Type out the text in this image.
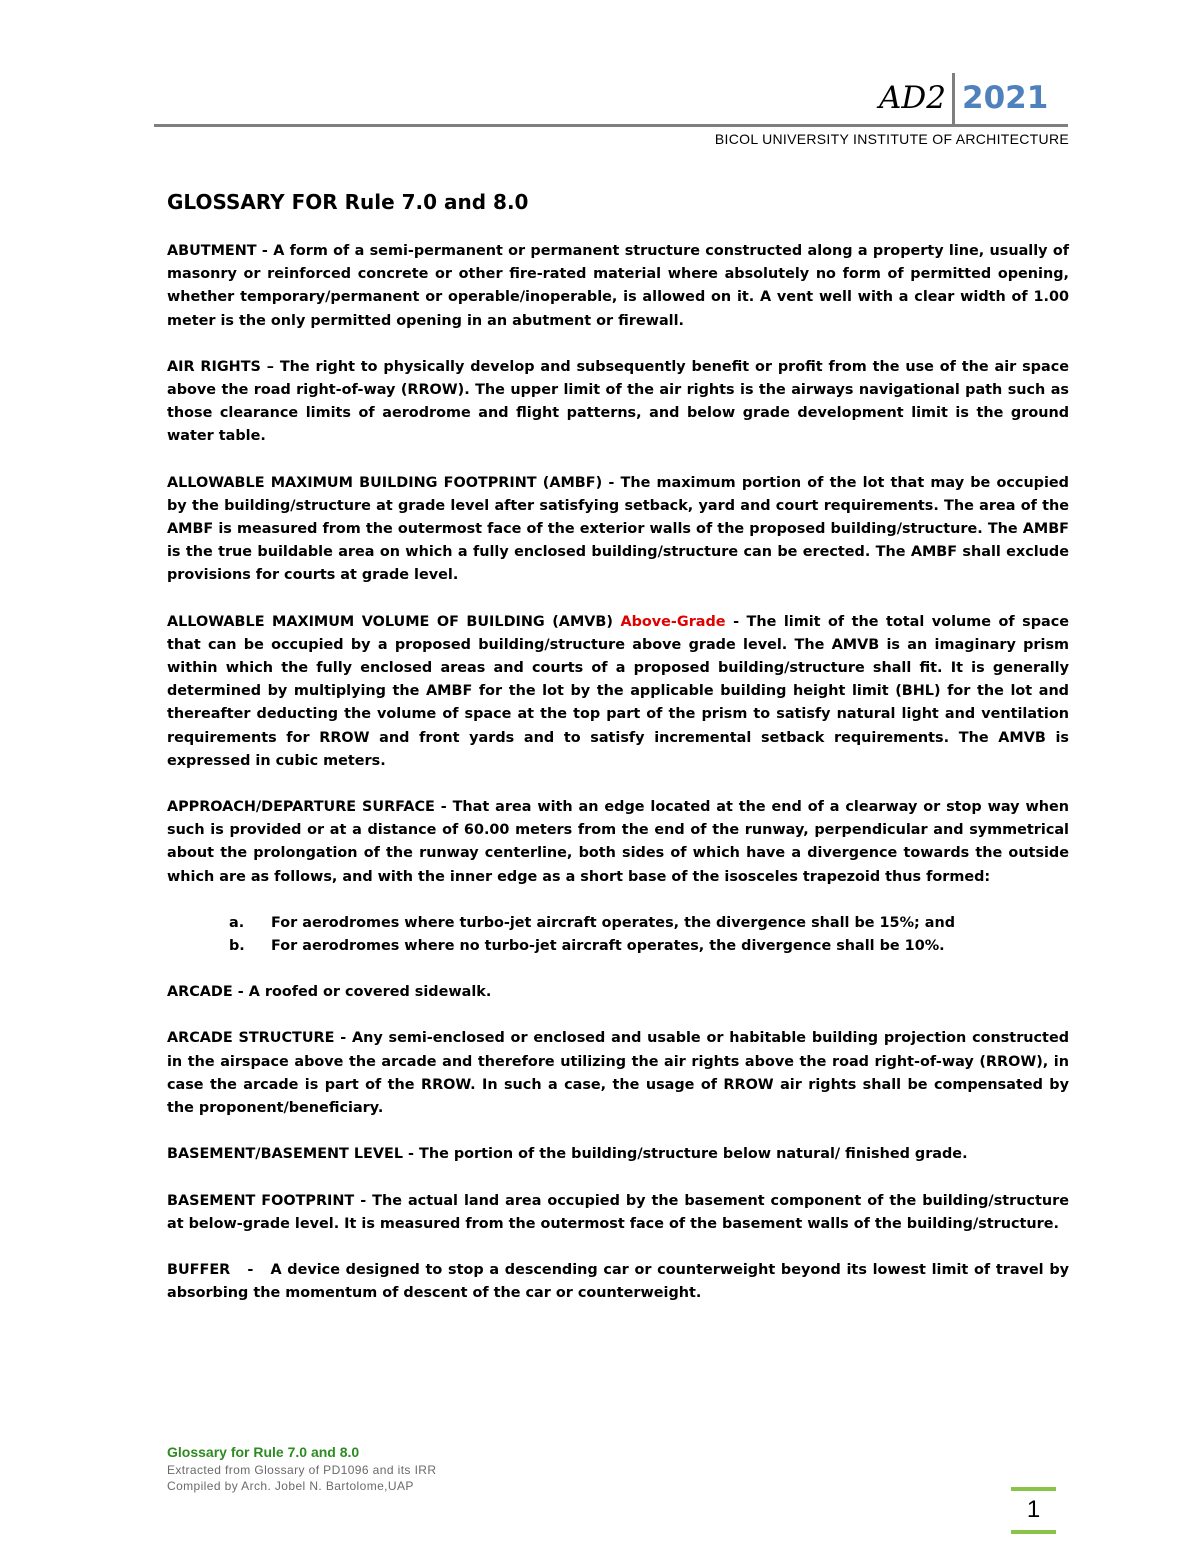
AD2 2021
BICOL UNIVERSITY INSTITUTE OF ARCHITECTURE
GLOSSARY FOR Rule 7.0 and 8.0

ABUTMENT - A form of a semi-permanent or permanent structure constructed along a property line, usually of masonry or reinforced concrete or other fire-rated material where absolutely no form of permitted opening, whether temporary/permanent or operable/inoperable, is allowed on it. A vent well with a clear width of 1.00 meter is the only permitted opening in an abutment or firewall.

AIR RIGHTS – The right to physically develop and subsequently benefit or profit from the use of the air space above the road right-of-way (RROW). The upper limit of the air rights is the airways navigational path such as those clearance limits of aerodrome and flight patterns, and below grade development limit is the ground water table.

ALLOWABLE MAXIMUM BUILDING FOOTPRINT (AMBF) - The maximum portion of the lot that may be occupied by the building/structure at grade level after satisfying setback, yard and court requirements. The area of the AMBF is measured from the outermost face of the exterior walls of the proposed building/structure. The AMBF is the true buildable area on which a fully enclosed building/structure can be erected. The AMBF shall exclude provisions for courts at grade level.

ALLOWABLE MAXIMUM VOLUME OF BUILDING (AMVB) Above-Grade - The limit of the total volume of space that can be occupied by a proposed building/structure above grade level. The AMVB is an imaginary prism within which the fully enclosed areas and courts of a proposed building/structure shall fit. It is generally determined by multiplying the AMBF for the lot by the applicable building height limit (BHL) for the lot and thereafter deducting the volume of space at the top part of the prism to satisfy natural light and ventilation requirements for RROW and front yards and to satisfy incremental setback requirements. The AMVB is expressed in cubic meters.

APPROACH/DEPARTURE SURFACE - That area with an edge located at the end of a clearway or stop way when such is provided or at a distance of 60.00 meters from the end of the runway, perpendicular and symmetrical about the prolongation of the runway centerline, both sides of which have a divergence towards the outside which are as follows, and with the inner edge as a short base of the isosceles trapezoid thus formed:

a. For aerodromes where turbo-jet aircraft operates, the divergence shall be 15%; and
b. For aerodromes where no turbo-jet aircraft operates, the divergence shall be 10%.

ARCADE - A roofed or covered sidewalk.

ARCADE STRUCTURE - Any semi-enclosed or enclosed and usable or habitable building projection constructed in the airspace above the arcade and therefore utilizing the air rights above the road right-of-way (RROW), in case the arcade is part of the RROW. In such a case, the usage of RROW air rights shall be compensated by the proponent/beneficiary.

BASEMENT/BASEMENT LEVEL - The portion of the building/structure below natural/ finished grade.

BASEMENT FOOTPRINT - The actual land area occupied by the basement component of the building/structure at below-grade level. It is measured from the outermost face of the basement walls of the building/structure.

BUFFER   -   A device designed to stop a descending car or counterweight beyond its lowest limit of travel by absorbing the momentum of descent of the car or counterweight.

Glossary for Rule 7.0 and 8.0
Extracted from Glossary of PD1096 and its IRR
Compiled by Arch. Jobel N. Bartolome,UAP
1
